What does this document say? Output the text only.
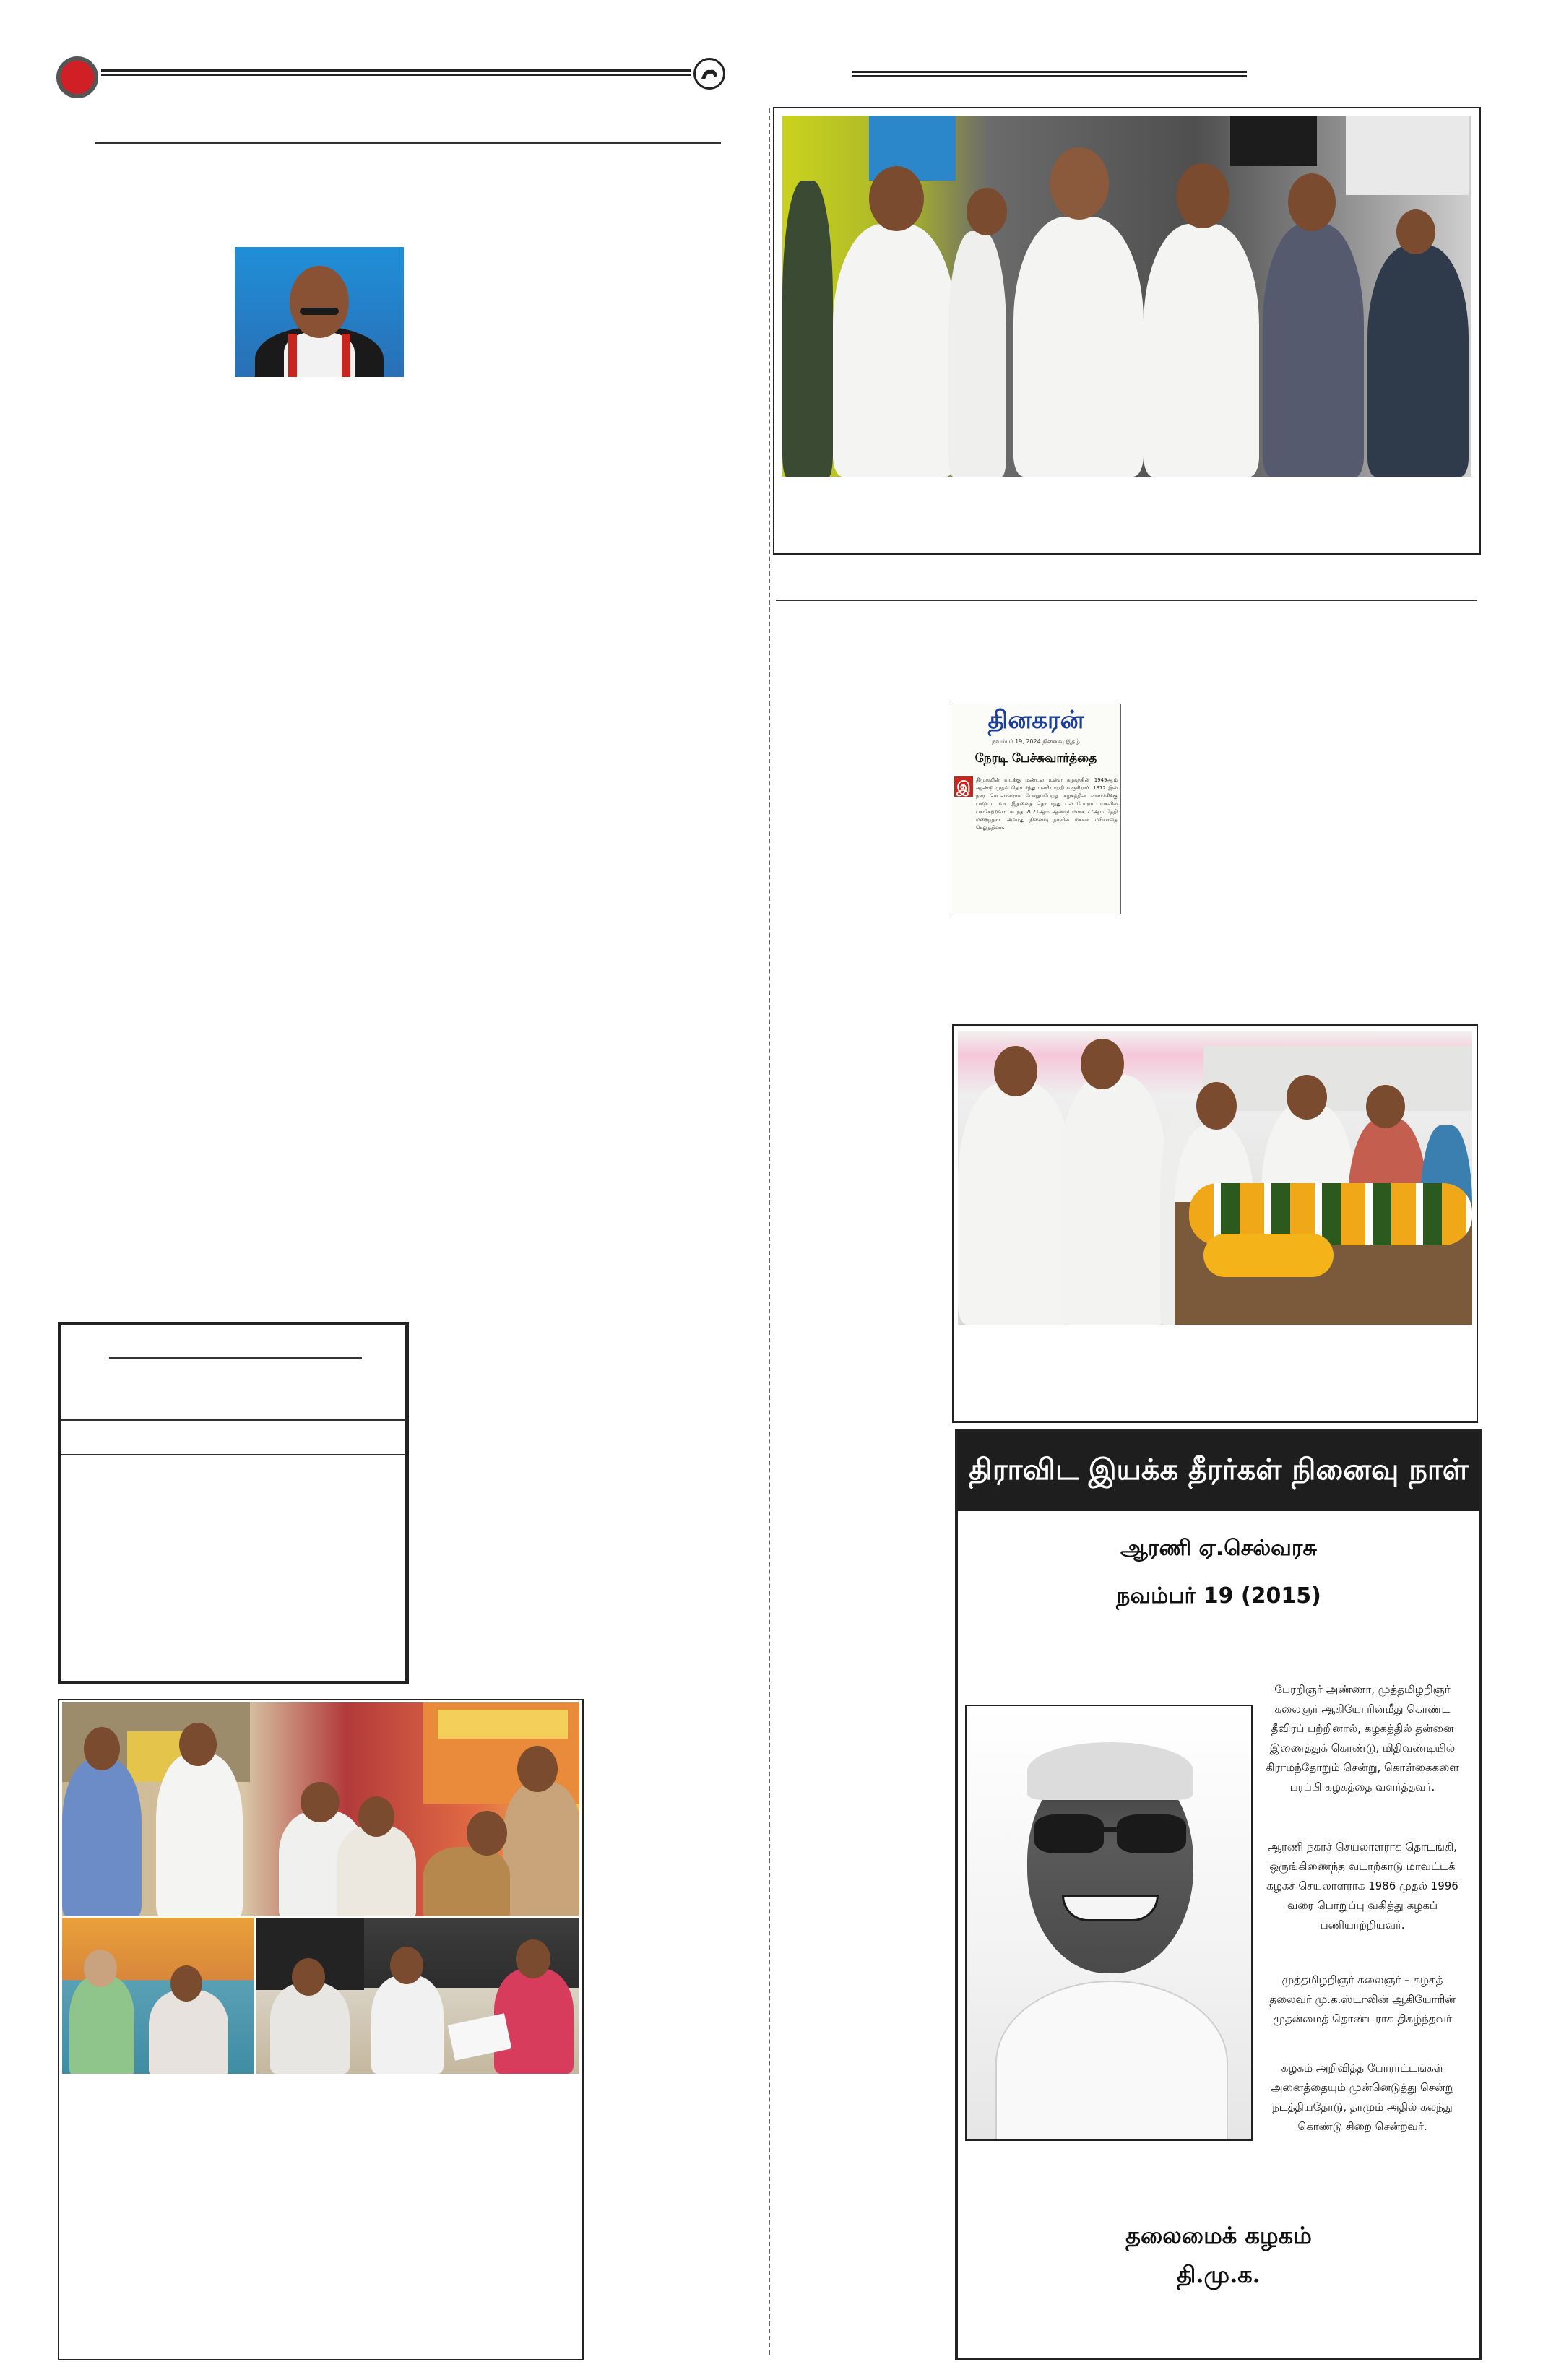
தினகரன்
நவம்பர் 19, 2024 நினைவு இதழ்
நேரடி பேச்சுவார்த்தை
இ	திமுகவின் வடக்கு மண்டல உள்ள கழகத்தின் 1949ஆம் ஆண்டு முதல் தொடர்ந்து பணியாற்றி வருகிறார். 1972 இல் நகர செயலாளராக பொறுப்பேற்று கழகத்தின் வளர்ச்சிக்கு பாடுபட்டவர். இதனைத் தொடர்ந்து பல போராட்டங்களில் பங்கேற்றவர். கடந்த 2021ஆம் ஆண்டு மார்ச் 27ஆம் தேதி மறைந்தார். அவரது நினைவு நாளில் மக்கள் மரியாதை செலுத்தினர்.
திராவிட இயக்க தீரர்கள் நினைவு நாள்
ஆரணி ஏ.செல்வரசு
நவம்பர் 19 (2015)
பேரறிஞர் அண்ணா, முத்தமிழறிஞர் கலைஞர் ஆகியோரின்மீது கொண்ட தீவிரப் பற்றினால், கழகத்தில் தன்னை இணைத்துக் கொண்டு, மிதிவண்டியில் கிராமந்தோறும் சென்று, கொள்கைகளை பரப்பி கழகத்தை வளர்த்தவர்.
ஆரணி நகரச் செயலாளராக தொடங்கி, ஒருங்கிணைந்த வடாற்காடு மாவட்டக் கழகச் செயலாளராக 1986 முதல் 1996 வரை பொறுப்பு வகித்து கழகப் பணியாற்றியவர்.
முத்தமிழறிஞர் கலைஞர் – கழகத் தலைவர் மு.க.ஸ்டாலின் ஆகியோரின் முதன்மைத் தொண்டராக திகழ்ந்தவர்
கழகம் அறிவித்த போராட்டங்கள் அனைத்தையும் முன்னெடுத்து சென்று நடத்தியதோடு, தாமும் அதில் கலந்து கொண்டு சிறை சென்றவர்.
தலைமைக் கழகம்
தி.மு.க.
